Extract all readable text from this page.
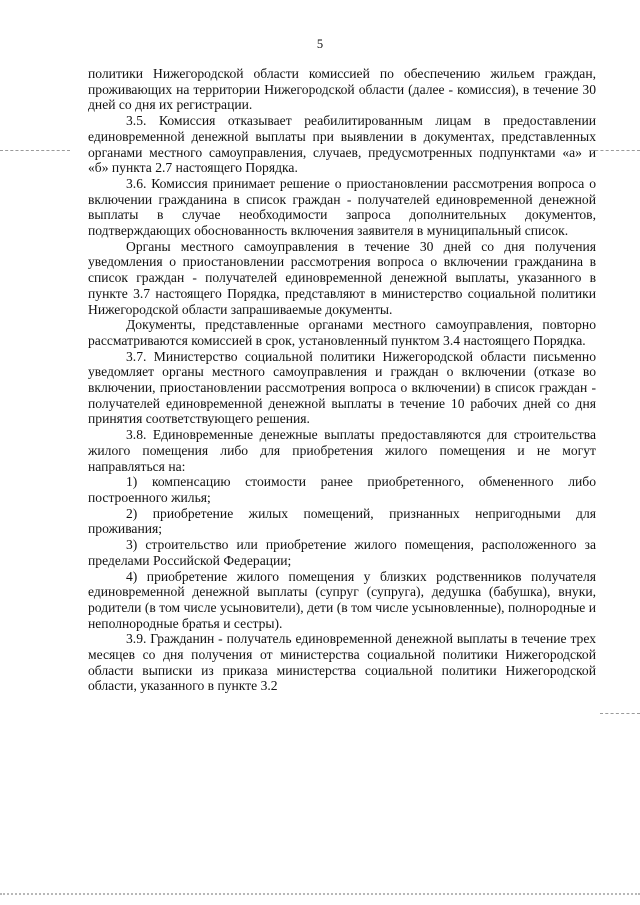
5

политики Нижегородской области комиссией по обеспечению жильем граждан, проживающих на территории Нижегородской области (далее - комиссия), в течение 30 дней со дня их регистрации.

3.5. Комиссия отказывает реабилитированным лицам в предоставлении единовременной денежной выплаты при выявлении в документах, представленных органами местного самоуправления, случаев, предусмотренных подпунктами «а» и «б» пункта 2.7 настоящего Порядка.

3.6. Комиссия принимает решение о приостановлении рассмотрения вопроса о включении гражданина в список граждан - получателей единовременной денежной выплаты в случае необходимости запроса дополнительных документов, подтверждающих обоснованность включения заявителя в муниципальный список.

Органы местного самоуправления в течение 30 дней со дня получения уведомления о приостановлении рассмотрения вопроса о включении гражданина в список граждан - получателей единовременной денежной выплаты, указанного в пункте 3.7 настоящего Порядка, представляют в министерство социальной политики Нижегородской области запрашиваемые документы.

Документы, представленные органами местного самоуправления, повторно рассматриваются комиссией в срок, установленный пунктом 3.4 настоящего Порядка.

3.7. Министерство социальной политики Нижегородской области письменно уведомляет органы местного самоуправления и граждан о включении (отказе во включении, приостановлении рассмотрения вопроса о включении) в список граждан - получателей единовременной денежной выплаты в течение 10 рабочих дней со дня принятия соответствующего решения.

3.8. Единовременные денежные выплаты предоставляются для строительства жилого помещения либо для приобретения жилого помещения и не могут направляться на:

1) компенсацию стоимости ранее приобретенного, обмененного либо построенного жилья;

2) приобретение жилых помещений, признанных непригодными для проживания;

3) строительство или приобретение жилого помещения, расположенного за пределами Российской Федерации;

4) приобретение жилого помещения у близких родственников получателя единовременной денежной выплаты (супруг (супруга), дедушка (бабушка), внуки, родители (в том числе усыновители), дети (в том числе усыновленные), полнородные и неполнородные братья и сестры).

3.9. Гражданин - получатель единовременной денежной выплаты в течение трех месяцев со дня получения от министерства социальной политики Нижегородской области выписки из приказа министерства социальной политики Нижегородской области, указанного в пункте 3.2
